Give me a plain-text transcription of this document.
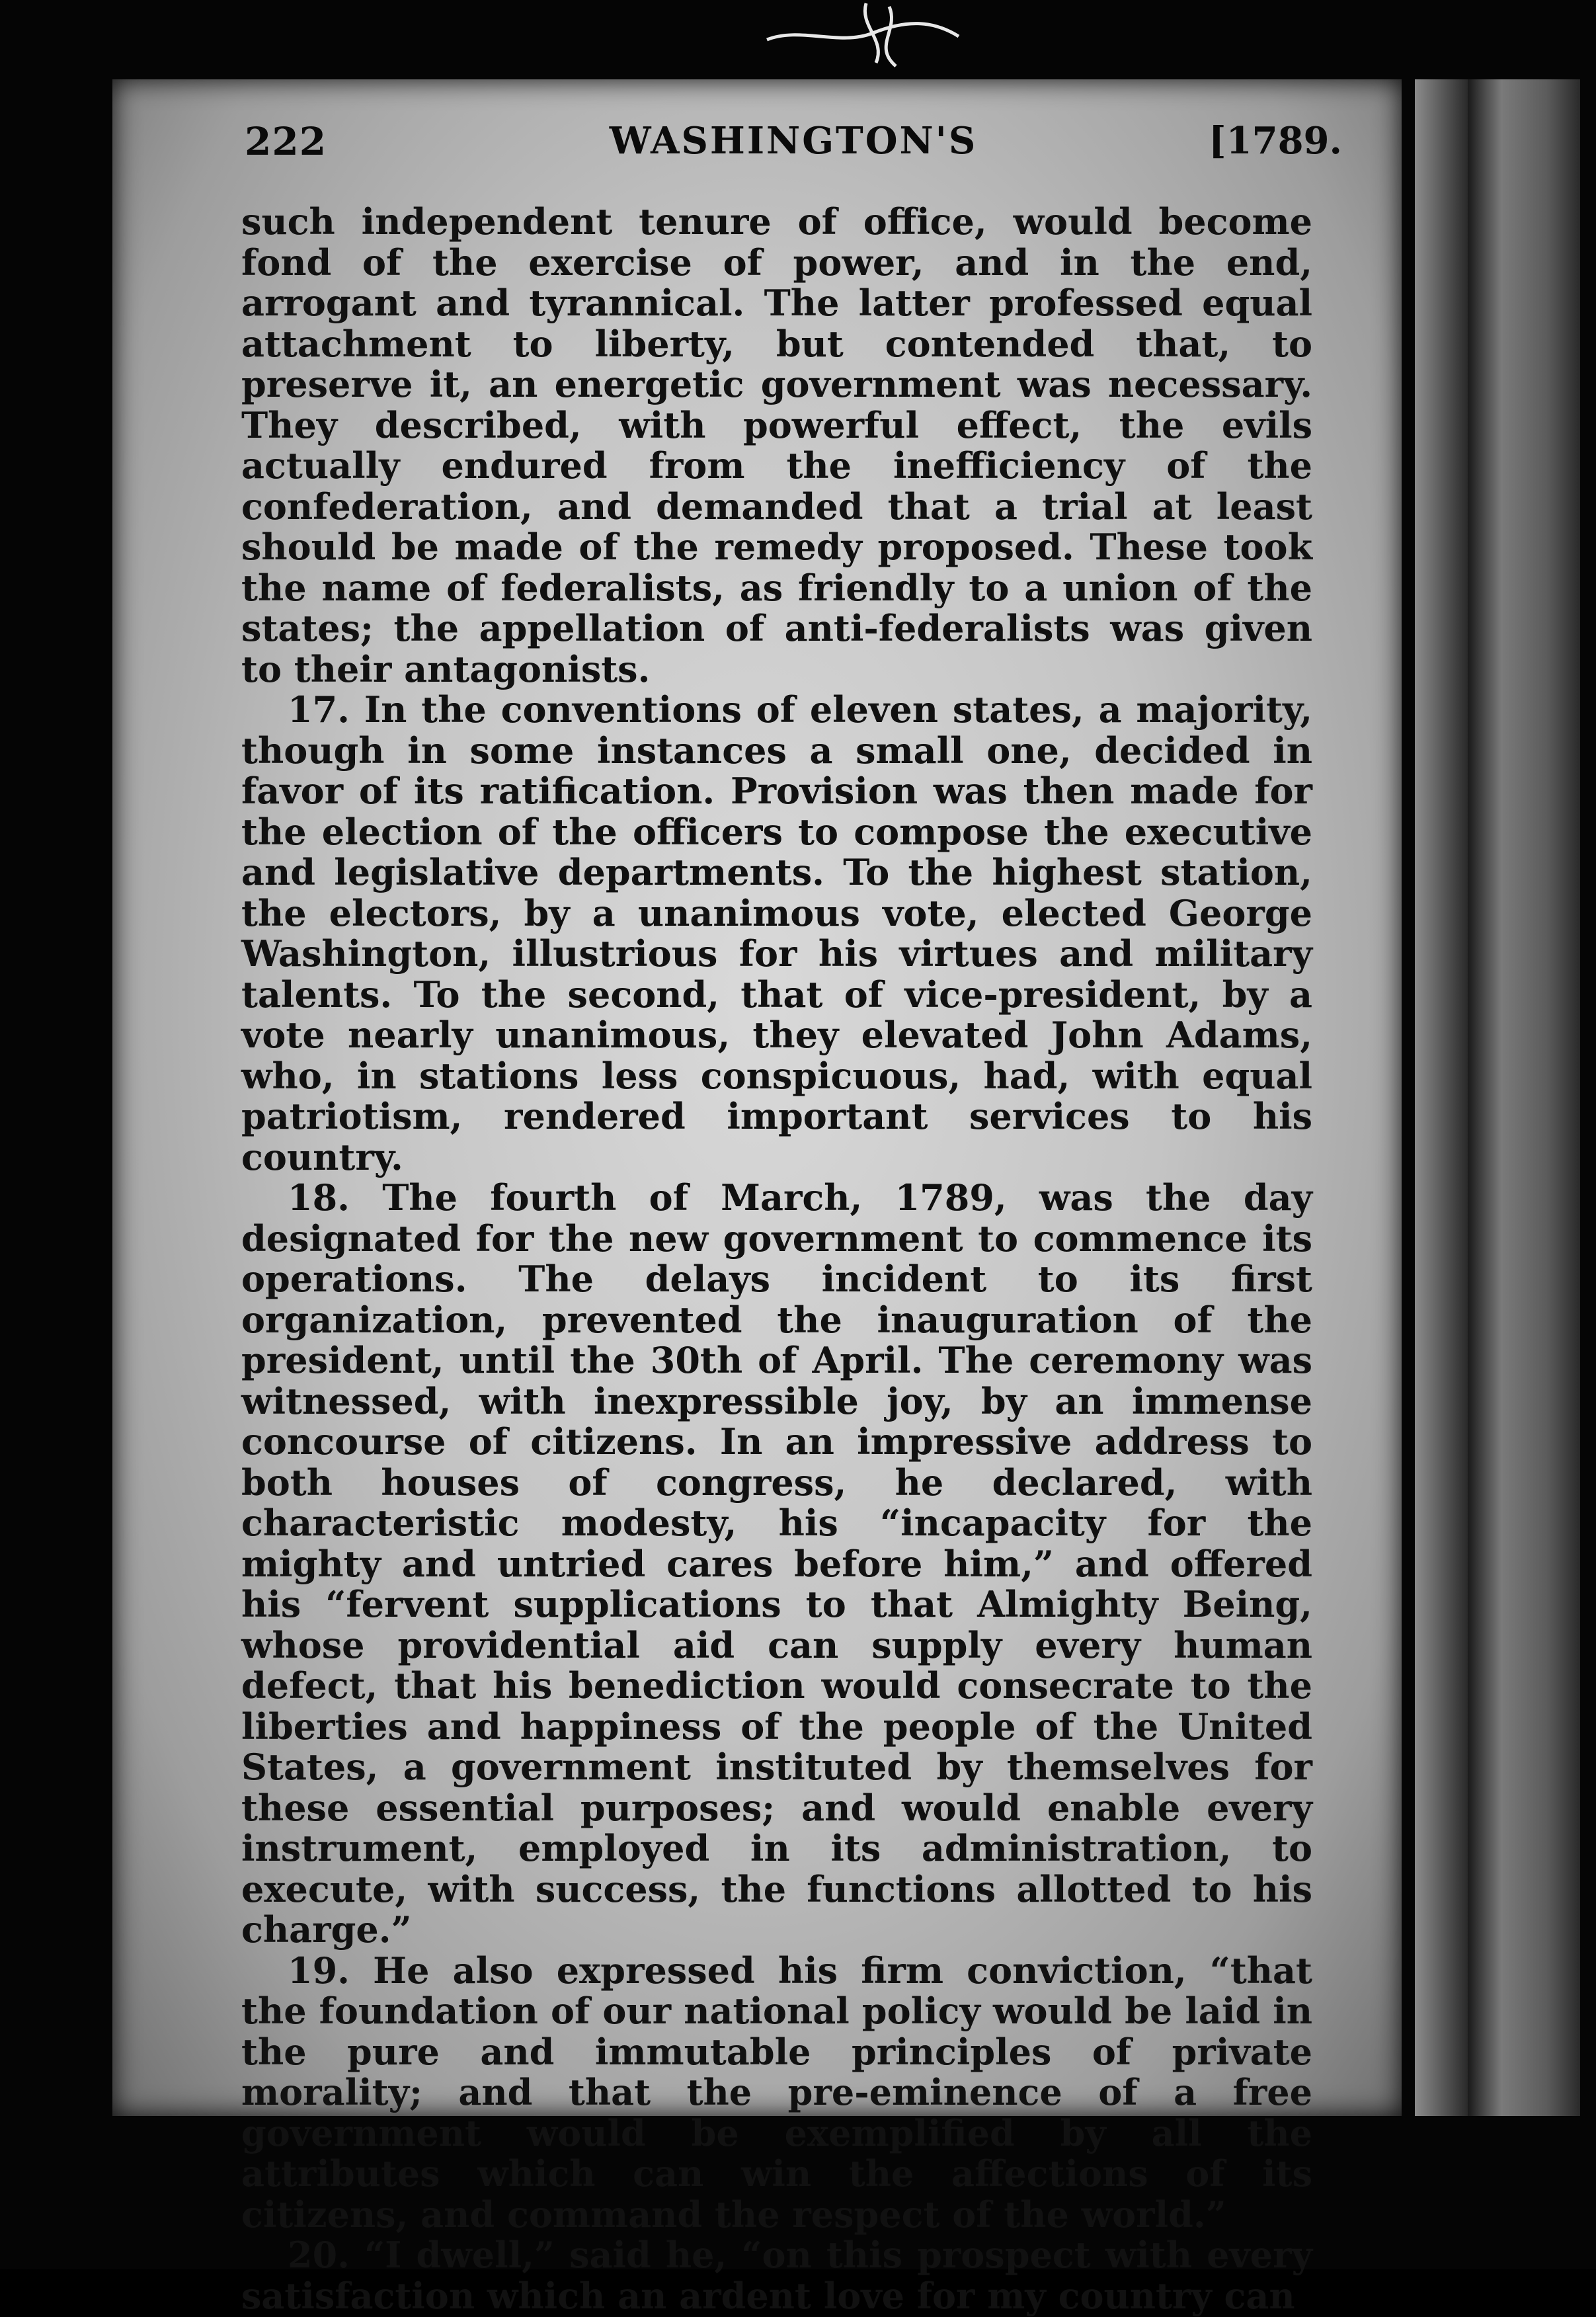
222	WASHINGTON'S	[1789.

such independent tenure of office, would become fond of the exercise of power, and in the end, arrogant and tyrannical. The latter professed equal attachment to liberty, but contended that, to preserve it, an energetic government was necessary. They described, with powerful effect, the evils actually endured from the inefficiency of the confederation, and demanded that a trial at least should be made of the remedy proposed. These took the name of federalists, as friendly to a union of the states; the appellation of anti-federalists was given to their antagonists.

17. In the conventions of eleven states, a majority, though in some instances a small one, decided in favor of its ratification. Provision was then made for the election of the officers to compose the executive and legislative departments. To the highest station, the electors, by a unanimous vote, elected George Washington, illustrious for his virtues and military talents. To the second, that of vice-president, by a vote nearly unanimous, they elevated John Adams, who, in stations less conspicuous, had, with equal patriotism, rendered important services to his country.

18. The fourth of March, 1789, was the day designated for the new government to commence its operations. The delays incident to its first organization, prevented the inauguration of the president, until the 30th of April. The ceremony was witnessed, with inexpressible joy, by an immense concourse of citizens. In an impressive address to both houses of congress, he declared, with characteristic modesty, his “incapacity for the mighty and untried cares before him,” and offered his “fervent supplications to that Almighty Being, whose providential aid can supply every human defect, that his benediction would consecrate to the liberties and happiness of the people of the United States, a government instituted by themselves for these essential purposes; and would enable every instrument, employed in its administration, to execute, with success, the functions allotted to his charge.”

19. He also expressed his firm conviction, “that the foundation of our national policy would be laid in the pure and immutable principles of private morality; and that the pre-eminence of a free government would be exemplified by all the attributes which can win the affections of its citizens, and command the respect of the world.”

20. “I dwell,” said he, “on this prospect with every satisfaction which an ardent love for my country can
